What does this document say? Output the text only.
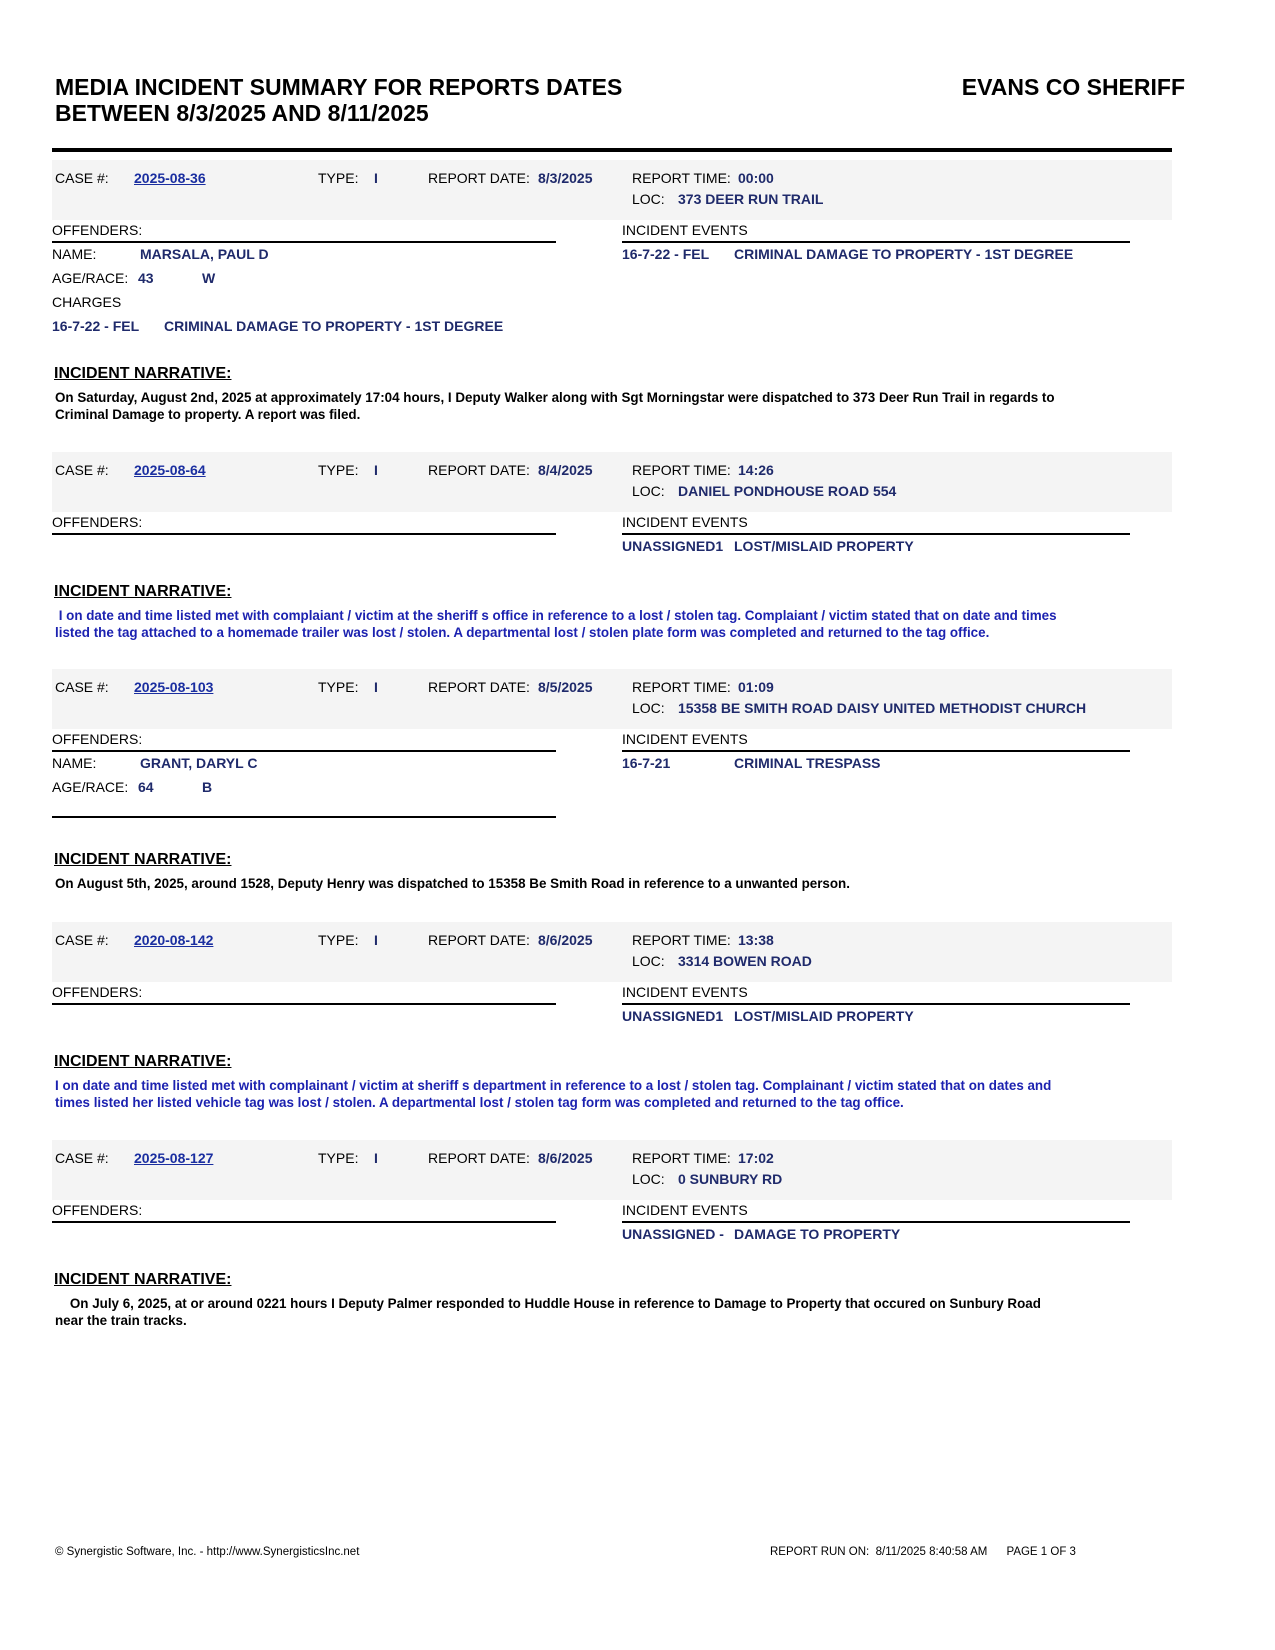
MEDIA INCIDENT SUMMARY FOR REPORTS DATES
BETWEEN 8/3/2025 AND 8/11/2025
EVANS CO SHERIFF
CASE #: 2025-08-36	TYPE: I	REPORT DATE: 8/3/2025	REPORT TIME: 00:00
LOC: 373 DEER RUN TRAIL
OFFENDERS:	INCIDENT EVENTS
NAME:	MARSALA, PAUL D
AGE/RACE: 43	W
CHARGES
16-7-22 - FEL CRIMINAL DAMAGE TO PROPERTY - 1ST DEGREE
16-7-22 - FEL CRIMINAL DAMAGE TO PROPERTY - 1ST DEGREE
INCIDENT NARRATIVE:
On Saturday, August 2nd, 2025 at approximately 17:04 hours, I Deputy Walker along with Sgt Morningstar were dispatched to 373 Deer Run Trail in regards to
Criminal Damage to property. A report was filed.
CASE #: 2025-08-64	TYPE: I	REPORT DATE: 8/4/2025	REPORT TIME: 14:26
LOC: DANIEL PONDHOUSE ROAD 554
OFFENDERS:	INCIDENT EVENTS
UNASSIGNED1 LOST/MISLAID PROPERTY
INCIDENT NARRATIVE:
I on date and time listed met with complaiant / victim at the sheriff s office in reference to a lost / stolen tag. Complaiant / victim stated that on date and times
listed the tag attached to a homemade trailer was lost / stolen. A departmental lost / stolen plate form was completed and returned to the tag office.
CASE #: 2025-08-103	TYPE: I	REPORT DATE: 8/5/2025	REPORT TIME: 01:09
LOC: 15358 BE SMITH ROAD DAISY UNITED METHODIST CHURCH
OFFENDERS:	INCIDENT EVENTS
NAME:	GRANT, DARYL C
AGE/RACE: 64	B
16-7-21	CRIMINAL TRESPASS
INCIDENT NARRATIVE:
On August 5th, 2025, around 1528, Deputy Henry was dispatched to 15358 Be Smith Road in reference to a unwanted person.
CASE #: 2020-08-142	TYPE: I	REPORT DATE: 8/6/2025	REPORT TIME: 13:38
LOC: 3314 BOWEN ROAD
OFFENDERS:	INCIDENT EVENTS
UNASSIGNED1 LOST/MISLAID PROPERTY
INCIDENT NARRATIVE:
I on date and time listed met with complainant / victim at sheriff s department in reference to a lost / stolen tag. Complainant / victim stated that on dates and
times listed her listed vehicle tag was lost / stolen. A departmental lost / stolen tag form was completed and returned to the tag office.
CASE #: 2025-08-127	TYPE: I	REPORT DATE: 8/6/2025	REPORT TIME: 17:02
LOC: 0 SUNBURY RD
OFFENDERS:	INCIDENT EVENTS
UNASSIGNED - DAMAGE TO PROPERTY
INCIDENT NARRATIVE:
On July 6, 2025, at or around 0221 hours I Deputy Palmer responded to Huddle House in reference to Damage to Property that occured on Sunbury Road
near the train tracks.
© Synergistic Software, Inc. - http://www.SynergisticsInc.net	REPORT RUN ON:  8/11/2025 8:40:58 AM      PAGE 1 OF 3
